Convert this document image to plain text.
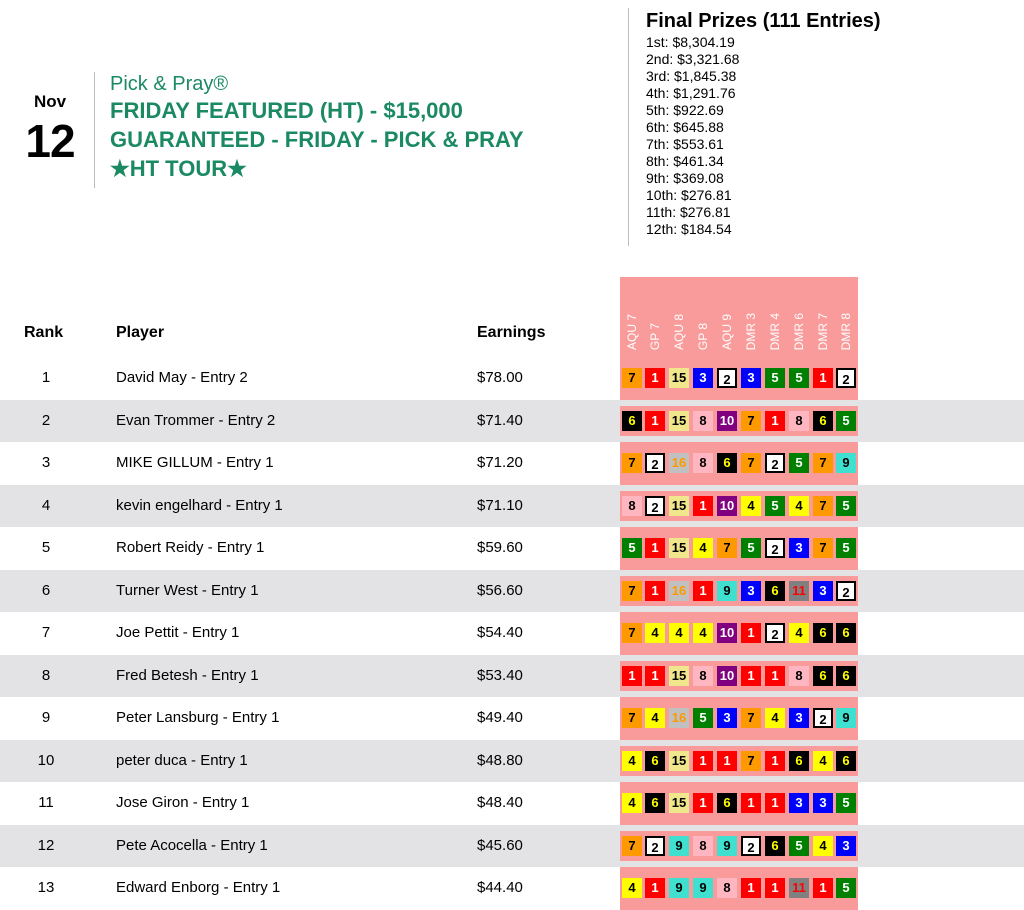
Nov
12
Pick & Pray®
FRIDAY FEATURED (HT) - $15,000
GUARANTEED - FRIDAY - PICK & PRAY
★HT TOUR★
Final Prizes (111 Entries)
1st: $8,304.19
2nd: $3,321.68
3rd: $1,845.38
4th: $1,291.76
5th: $922.69
6th: $645.88
7th: $553.61
8th: $461.34
9th: $369.08
10th: $276.81
11th: $276.81
12th: $184.54
Rank	Player	Earnings	AQU 7 GP 7 AQU 8 GP 8 AQU 9 DMR 3 DMR 4 DMR 6 DMR 7 DMR 8
1	David May - Entry 2	$78.00	7	1	15	3	2	3	5	5	1	2
2	Evan Trommer - Entry 2	$71.40	6	1	15	8	10	7	1	8	6	5
3	MIKE GILLUM - Entry 1	$71.20	7	2	16	8	6	7	2	5	7	9
4	kevin engelhard - Entry 1	$71.10	8	2	15	1	10	4	5	4	7	5
5	Robert Reidy - Entry 1	$59.60	5	1	15	4	7	5	2	3	7	5
6	Turner West - Entry 1	$56.60	7	1	16	1	9	3	6	11	3	2
7	Joe Pettit - Entry 1	$54.40	7	4	4	4	10	1	2	4	6	6
8	Fred Betesh - Entry 1	$53.40	1	1	15	8	10	1	1	8	6	6
9	Peter Lansburg - Entry 1	$49.40	7	4	16	5	3	7	4	3	2	9
10	peter duca - Entry 1	$48.80	4	6	15	1	1	7	1	6	4	6
11	Jose Giron - Entry 1	$48.40	4	6	15	1	6	1	1	3	3	5
12	Pete Acocella - Entry 1	$45.60	7	2	9	8	9	2	6	5	4	3
13	Edward Enborg - Entry 1	$44.40	4	1	9	9	8	1	1	11	1	5
